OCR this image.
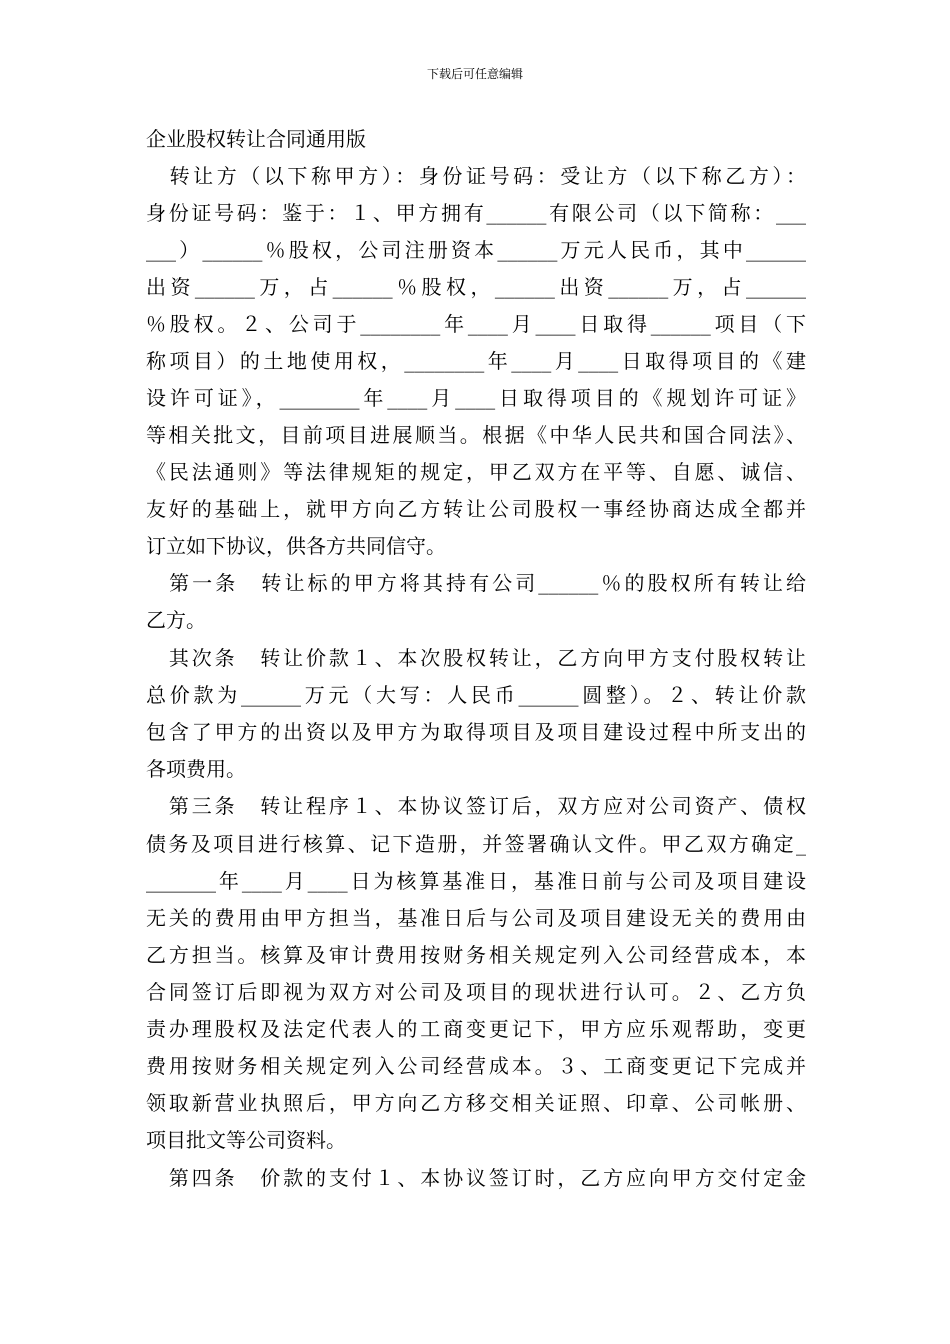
下载后可任意编辑
企业股权转让合同通用版
　转让方（以下称甲方）：身份证号码：受让方（以下称乙方）：
身份证号码：鉴于：１、甲方拥有______有限公司（以下简称：___
___）______％股权，公司注册资本______万元人民币，其中______
出资______万，占______％股权，______出资______万，占______
％股权。２、公司于________年____月____日取得______项目（下
称项目）的土地使用权，________年____月____日取得项目的《建
设许可证》，________年____月____日取得项目的《规划许可证》
等相关批文，目前项目进展顺当。根据《中华人民共和国合同法》、
《民法通则》等法律规矩的规定，甲乙双方在平等、自愿、诚信、
友好的基础上，就甲方向乙方转让公司股权一事经协商达成全都并
订立如下协议，供各方共同信守。
　第一条　转让标的甲方将其持有公司______％的股权所有转让给
乙方。
　其次条　转让价款１、本次股权转让，乙方向甲方支付股权转让
总价款为______万元（大写：人民币______圆整）。２、转让价款
包含了甲方的出资以及甲方为取得项目及项目建设过程中所支出的
各项费用。
　第三条　转让程序１、本协议签订后，双方应对公司资产、债权
债务及项目进行核算、记下造册，并签署确认文件。甲乙双方确定_
_______年____月____日为核算基准日，基准日前与公司及项目建设
无关的费用由甲方担当，基准日后与公司及项目建设无关的费用由
乙方担当。核算及审计费用按财务相关规定列入公司经营成本，本
合同签订后即视为双方对公司及项目的现状进行认可。２、乙方负
责办理股权及法定代表人的工商变更记下，甲方应乐观帮助，变更
费用按财务相关规定列入公司经营成本。３、工商变更记下完成并
领取新营业执照后，甲方向乙方移交相关证照、印章、公司帐册、
项目批文等公司资料。
　第四条　价款的支付１、本协议签订时，乙方应向甲方交付定金
